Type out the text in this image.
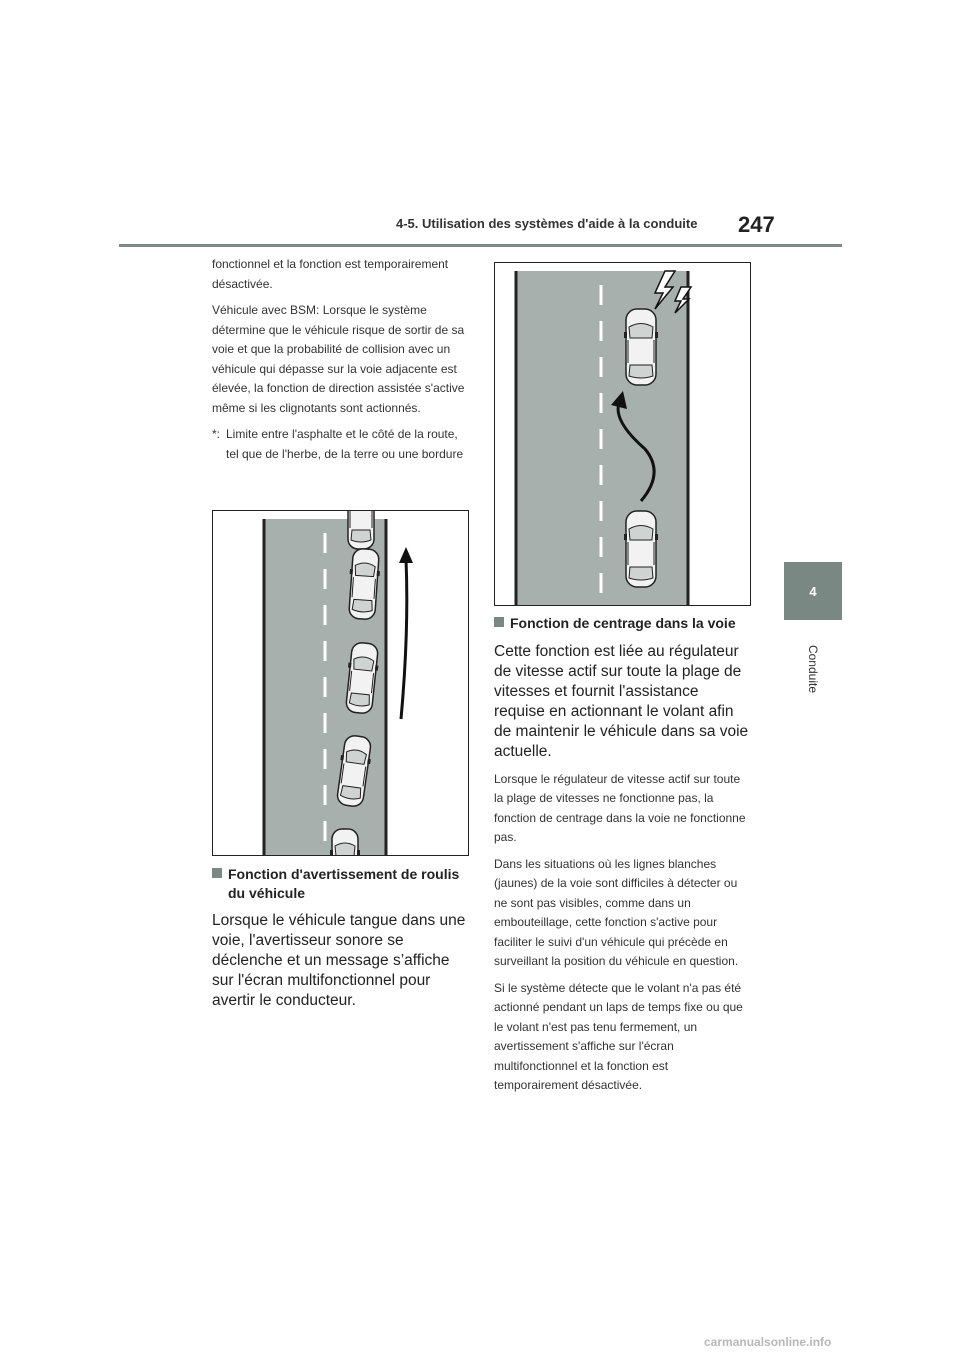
4-5. Utilisation des systèmes d'aide à la conduite 247
4
Conduite

fonctionnel et la fonction est temporairement désactivée.

Véhicule avec BSM: Lorsque le système détermine que le véhicule risque de sortir de sa voie et que la probabilité de collision avec un véhicule qui dépasse sur la voie adjacente est élevée, la fonction de direction assistée s'active même si les clignotants sont actionnés.

*: Limite entre l'asphalte et le côté de la route, tel que de l'herbe, de la terre ou une bordure

Fonction d'avertissement de roulis du véhicule

Lorsque le véhicule tangue dans une voie, l'avertisseur sonore se déclenche et un message s’affiche sur l'écran multifonctionnel pour avertir le conducteur.

Fonction de centrage dans la voie

Cette fonction est liée au régulateur de vitesse actif sur toute la plage de vitesses et fournit l'assistance requise en actionnant le volant afin de maintenir le véhicule dans sa voie actuelle.

Lorsque le régulateur de vitesse actif sur toute la plage de vitesses ne fonctionne pas, la fonction de centrage dans la voie ne fonctionne pas.

Dans les situations où les lignes blanches (jaunes) de la voie sont difficiles à détecter ou ne sont pas visibles, comme dans un embouteillage, cette fonction s'active pour faciliter le suivi d'un véhicule qui précède en surveillant la position du véhicule en question.

Si le système détecte que le volant n'a pas été actionné pendant un laps de temps fixe ou que le volant n'est pas tenu fermement, un avertissement s'affiche sur l'écran multifonctionnel et la fonction est temporairement désactivée.

carmanualsonline.info
